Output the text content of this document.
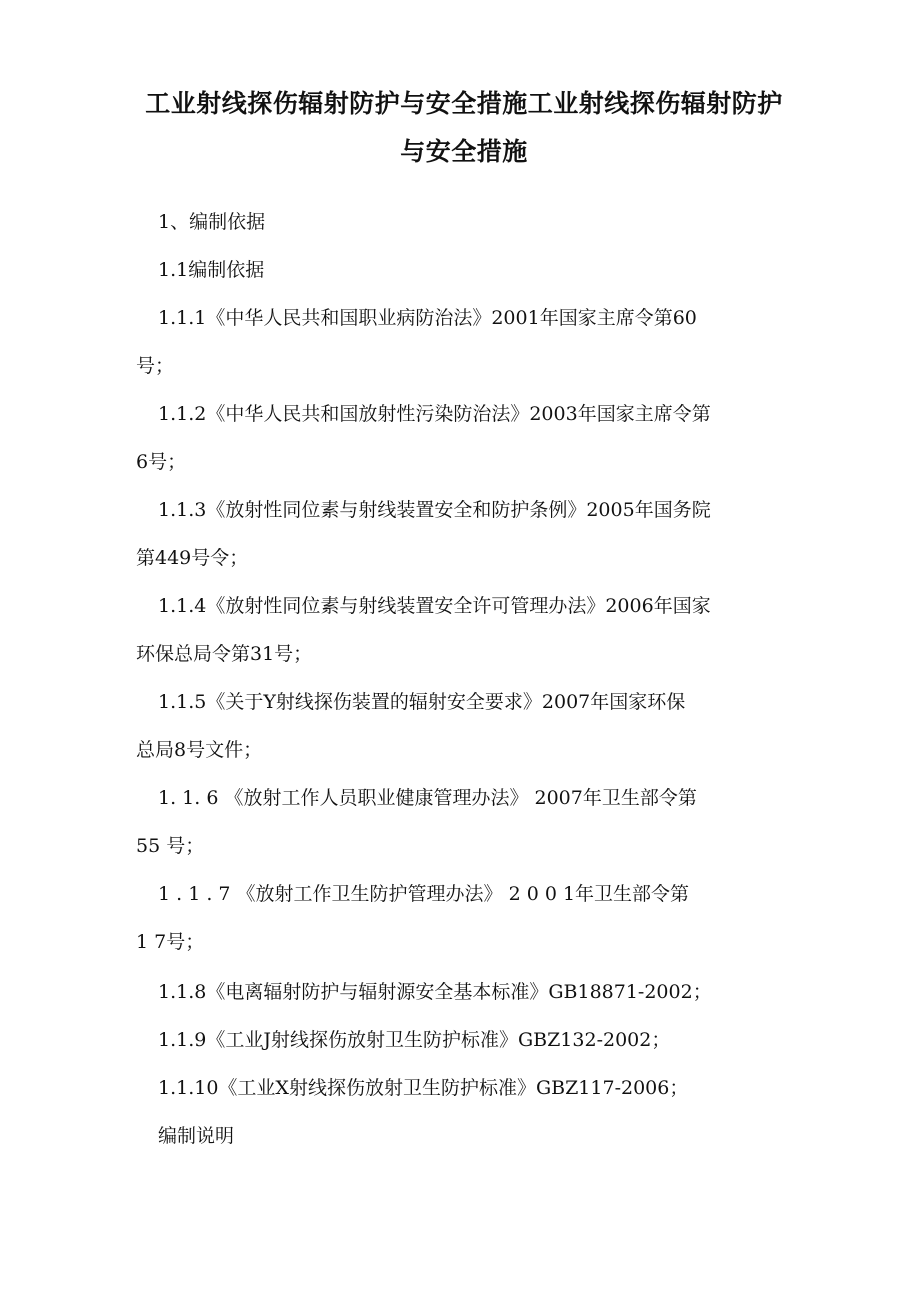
工业射线探伤辐射防护与安全措施工业射线探伤辐射防护与安全措施

1、编制依据

1.1编制依据

1.1.1《中华人民共和国职业病防治法》2001年国家主席令第60

号；

1.1.2《中华人民共和国放射性污染防治法》2003年国家主席令第

6号；

1.1.3《放射性同位素与射线装置安全和防护条例》2005年国务院

第449号令；

1.1.4《放射性同位素与射线装置安全许可管理办法》2006年国家

环保总局令第31号；

1.1.5《关于Y射线探伤装置的辐射安全要求》2007年国家环保

总局8号文件；

1. 1. 6 《放射工作人员职业健康管理办法》 2007年卫生部令第

55 号；

1 . 1 . 7 《放射工作卫生防护管理办法》 2 0 0 1年卫生部令第

1 7号；

1.1.8《电离辐射防护与辐射源安全基本标准》GB18871-2002；

1.1.9《工业J射线探伤放射卫生防护标准》GBZ132-2002；

1.1.10《工业X射线探伤放射卫生防护标准》GBZ117-2006；

编制说明
